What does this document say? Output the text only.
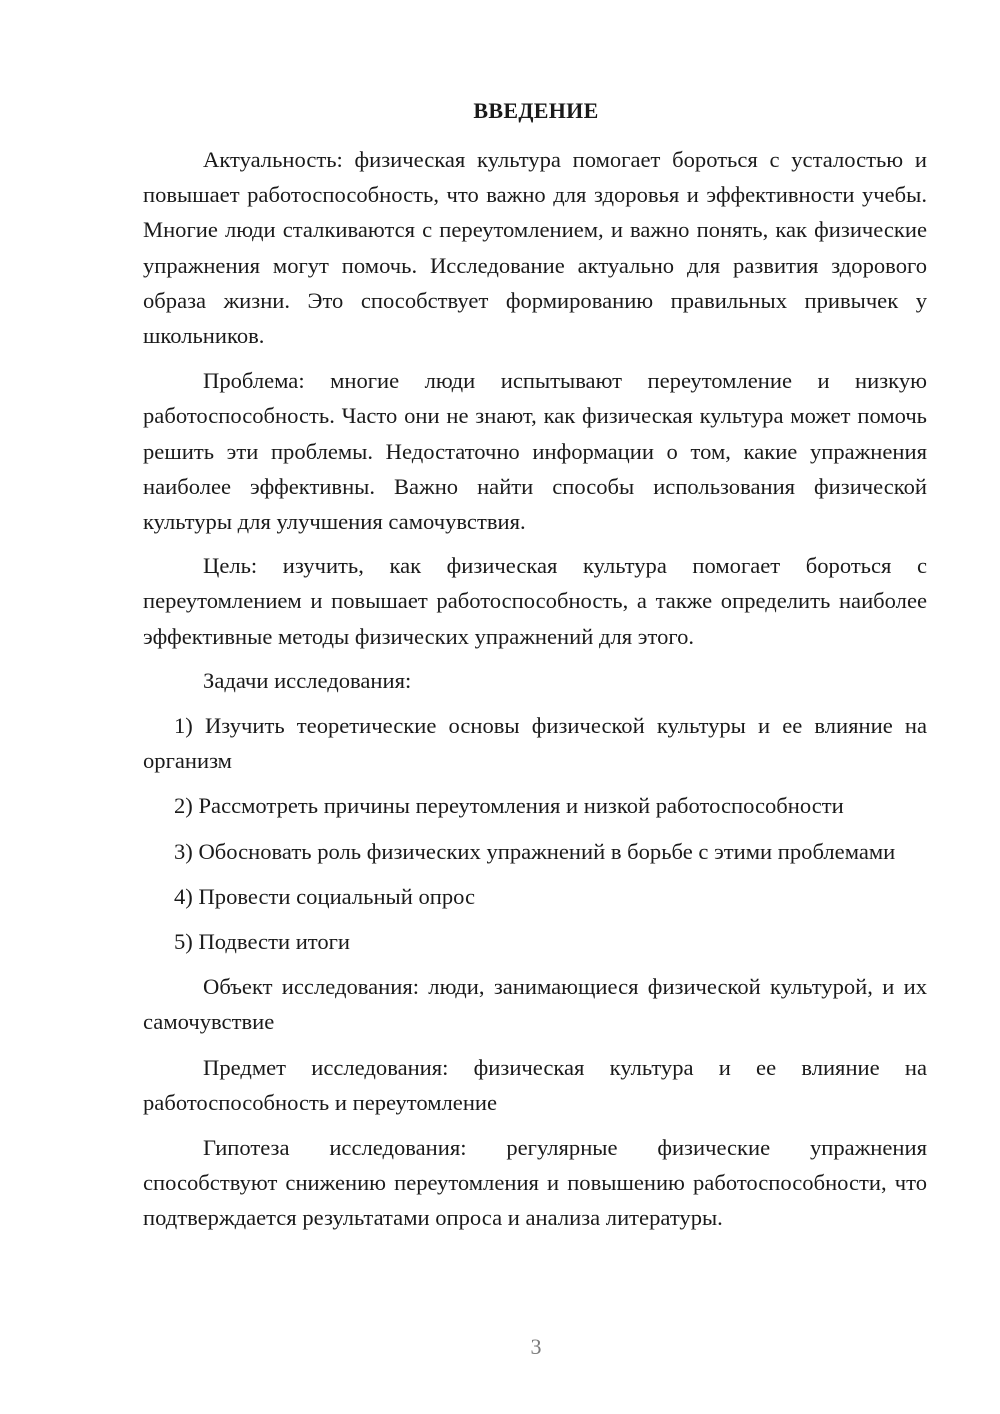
ВВЕДЕНИЕ

Актуальность: физическая культура помогает бороться с усталостью и повышает работоспособность, что важно для здоровья и эффективности учебы. Многие люди сталкиваются с переутомлением, и важно понять, как физические упражнения могут помочь. Исследование актуально для развития здорового образа жизни. Это способствует формированию правильных привычек у школьников.

Проблема: многие люди испытывают переутомление и низкую работоспособность. Часто они не знают, как физическая культура может помочь решить эти проблемы. Недостаточно информации о том, какие упражнения наиболее эффективны. Важно найти способы использования физической культуры для улучшения самочувствия.

Цель: изучить, как физическая культура помогает бороться с переутомлением и повышает работоспособность, а также определить наиболее эффективные методы физических упражнений для этого.

Задачи исследования:

1) Изучить теоретические основы физической культуры и ее влияние на организм

2) Рассмотреть причины переутомления и низкой работоспособности

3) Обосновать роль физических упражнений в борьбе с этими проблемами

4) Провести социальный опрос

5) Подвести итоги

Объект исследования: люди, занимающиеся физической культурой, и их самочувствие

Предмет исследования: физическая культура и ее влияние на работоспособность и переутомление

Гипотеза исследования: регулярные физические упражнения способствуют снижению переутомления и повышению работоспособности, что подтверждается результатами опроса и анализа литературы.

3
